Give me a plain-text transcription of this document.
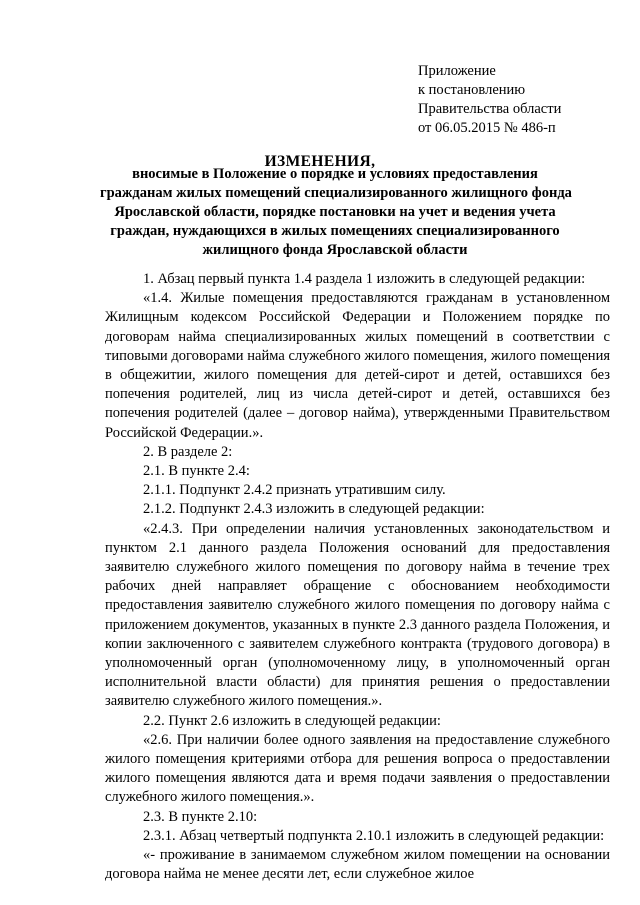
Приложение
к постановлению
Правительства области
от 06.05.2015 № 486-п
ИЗМЕНЕНИЯ,
вносимые в Положение о порядке и условиях предоставления
гражданам жилых помещений специализированного жилищного фонда
Ярославской области, порядке постановки на учет и ведения учета
граждан, нуждающихся в жилых помещениях специализированного
жилищного фонда Ярославской области

1. Абзац первый пункта 1.4 раздела 1 изложить в следующей редакции:

«1.4. Жилые помещения предоставляются гражданам в установленном Жилищным кодексом Российской Федерации и Положением порядке по договорам найма специализированных жилых помещений в соответствии с типовыми договорами найма служебного жилого помещения, жилого помещения в общежитии, жилого помещения для детей-сирот и детей, оставшихся без попечения родителей, лиц из числа детей-сирот и детей, оставшихся без попечения родителей (далее – договор найма), утвержденными Правительством Российской Федерации.».

2. В разделе 2:

2.1. В пункте 2.4:

2.1.1. Подпункт 2.4.2 признать утратившим силу.

2.1.2. Подпункт 2.4.3 изложить в следующей редакции:

«2.4.3. При определении наличия установленных законодательством и пунктом 2.1 данного раздела Положения оснований для предоставления заявителю служебного жилого помещения по договору найма в течение трех рабочих дней направляет обращение с обоснованием необходимости предоставления заявителю служебного жилого помещения по договору найма с приложением документов, указанных в пункте 2.3 данного раздела Положения, и копии заключенного с заявителем служебного контракта (трудового договора) в уполномоченный орган (уполномоченному лицу, в уполномоченный орган исполнительной власти области) для принятия решения о предоставлении заявителю служебного жилого помещения.».

2.2. Пункт 2.6 изложить в следующей редакции:

«2.6. При наличии более одного заявления на предоставление служебного жилого помещения критериями отбора для решения вопроса о предоставлении жилого помещения являются дата и время подачи заявления о предоставлении служебного жилого помещения.».

2.3. В пункте 2.10:

2.3.1. Абзац четвертый подпункта 2.10.1 изложить в следующей редакции:

«- проживание в занимаемом служебном жилом помещении на основании договора найма не менее десяти лет, если служебное жилое
